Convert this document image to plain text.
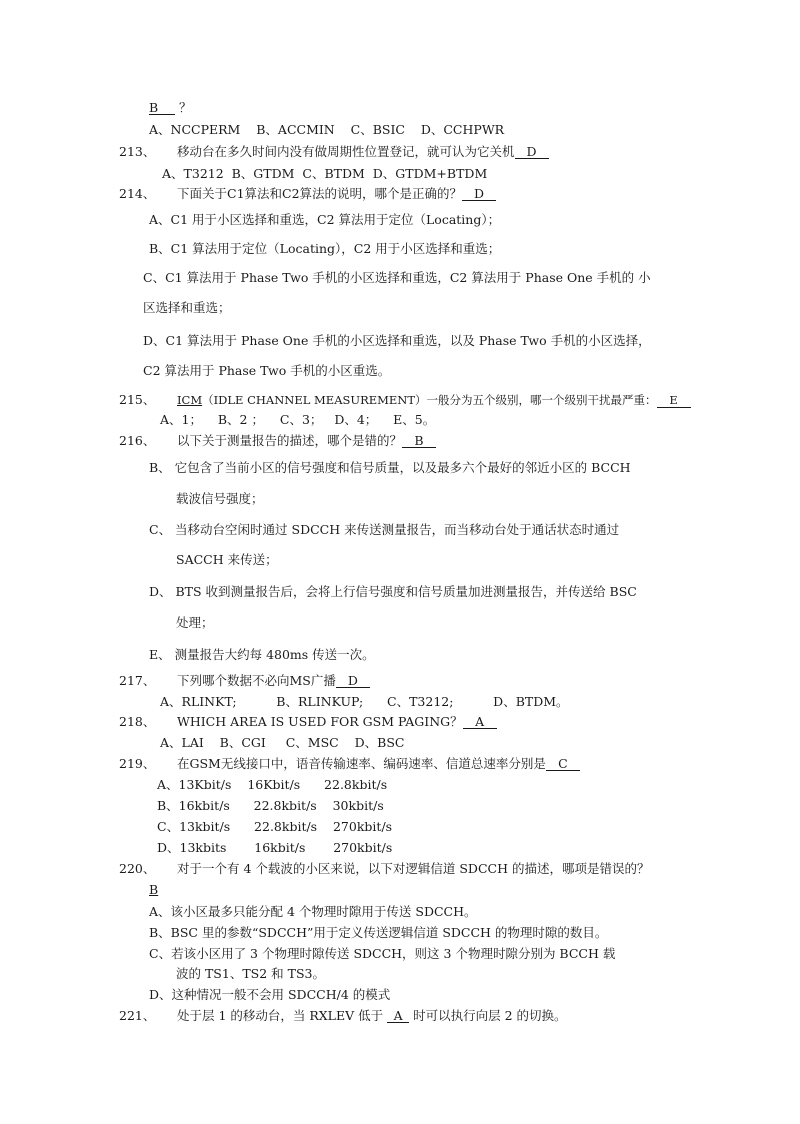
B ？
A、NCCPERM    B、ACCMIN    C、BSIC    D、CCHPWR
213、 移动台在多久时间内没有做周期性位置登记，就可认为它关机 D
A、T3212  B、GTDM  C、BTDM  D、GTDM+BTDM
214、 下面关于C1算法和C2算法的说明，哪个是正确的？ D
A、C1 用于小区选择和重选，C2 算法用于定位（Locating）；
B、C1 算法用于定位（Locating），C2 用于小区选择和重选；
C、C1 算法用于 Phase Two 手机的小区选择和重选，C2 算法用于 Phase One 手机的 小
区选择和重选；
D、C1 算法用于 Phase One 手机的小区选择和重选，以及 Phase Two 手机的小区选择，
C2 算法用于 Phase Two 手机的小区重选。
215、 ICM（IDLE CHANNEL MEASUREMENT）一般分为五个级别，哪一个级别干扰最严重： E
A、1；    B、2 ；    C、3；   D、4；    E、5。
216、 以下关于测量报告的描述，哪个是错的？ B
B、 它包含了当前小区的信号强度和信号质量，以及最多六个最好的邻近小区的 BCCH
载波信号强度；
C、 当移动台空闲时通过 SDCCH 来传送测量报告，而当移动台处于通话状态时通过
SACCH 来传送；
D、 BTS 收到测量报告后，会将上行信号强度和信号质量加进测量报告，并传送给 BSC
处理；
E、 测量报告大约每 480ms 传送一次。
217、 下列哪个数据不必向MS广播 D
A、RLINKT;          B、RLINKUP;      C、T3212;          D、BTDM。
218、 WHICH AREA IS USED FOR GSM PAGING？ A
A、LAI    B、CGI     C、MSC    D、BSC
219、 在GSM无线接口中，语音传输速率、编码速率、信道总速率分别是 C
A、13Kbit/s    16Kbit/s      22.8kbit/s
B、16kbit/s      22.8kbit/s    30kbit/s
C、13kbit/s      22.8kbit/s    270kbit/s
D、13kbits       16kbit/s       270kbit/s
220、 对于一个有 4 个载波的小区来说，以下对逻辑信道 SDCCH 的描述，哪项是错误的？
B
A、该小区最多只能分配 4 个物理时隙用于传送 SDCCH。
B、BSC 里的参数“SDCCH”用于定义传送逻辑信道 SDCCH 的物理时隙的数目。
C、若该小区用了 3 个物理时隙传送 SDCCH，则这 3 个物理时隙分别为 BCCH 载
波的 TS1、TS2 和 TS3。
D、这种情况一般不会用 SDCCH/4 的模式
221、 处于层 1 的移动台，当 RXLEV 低于 A 时可以执行向层 2 的切换。
